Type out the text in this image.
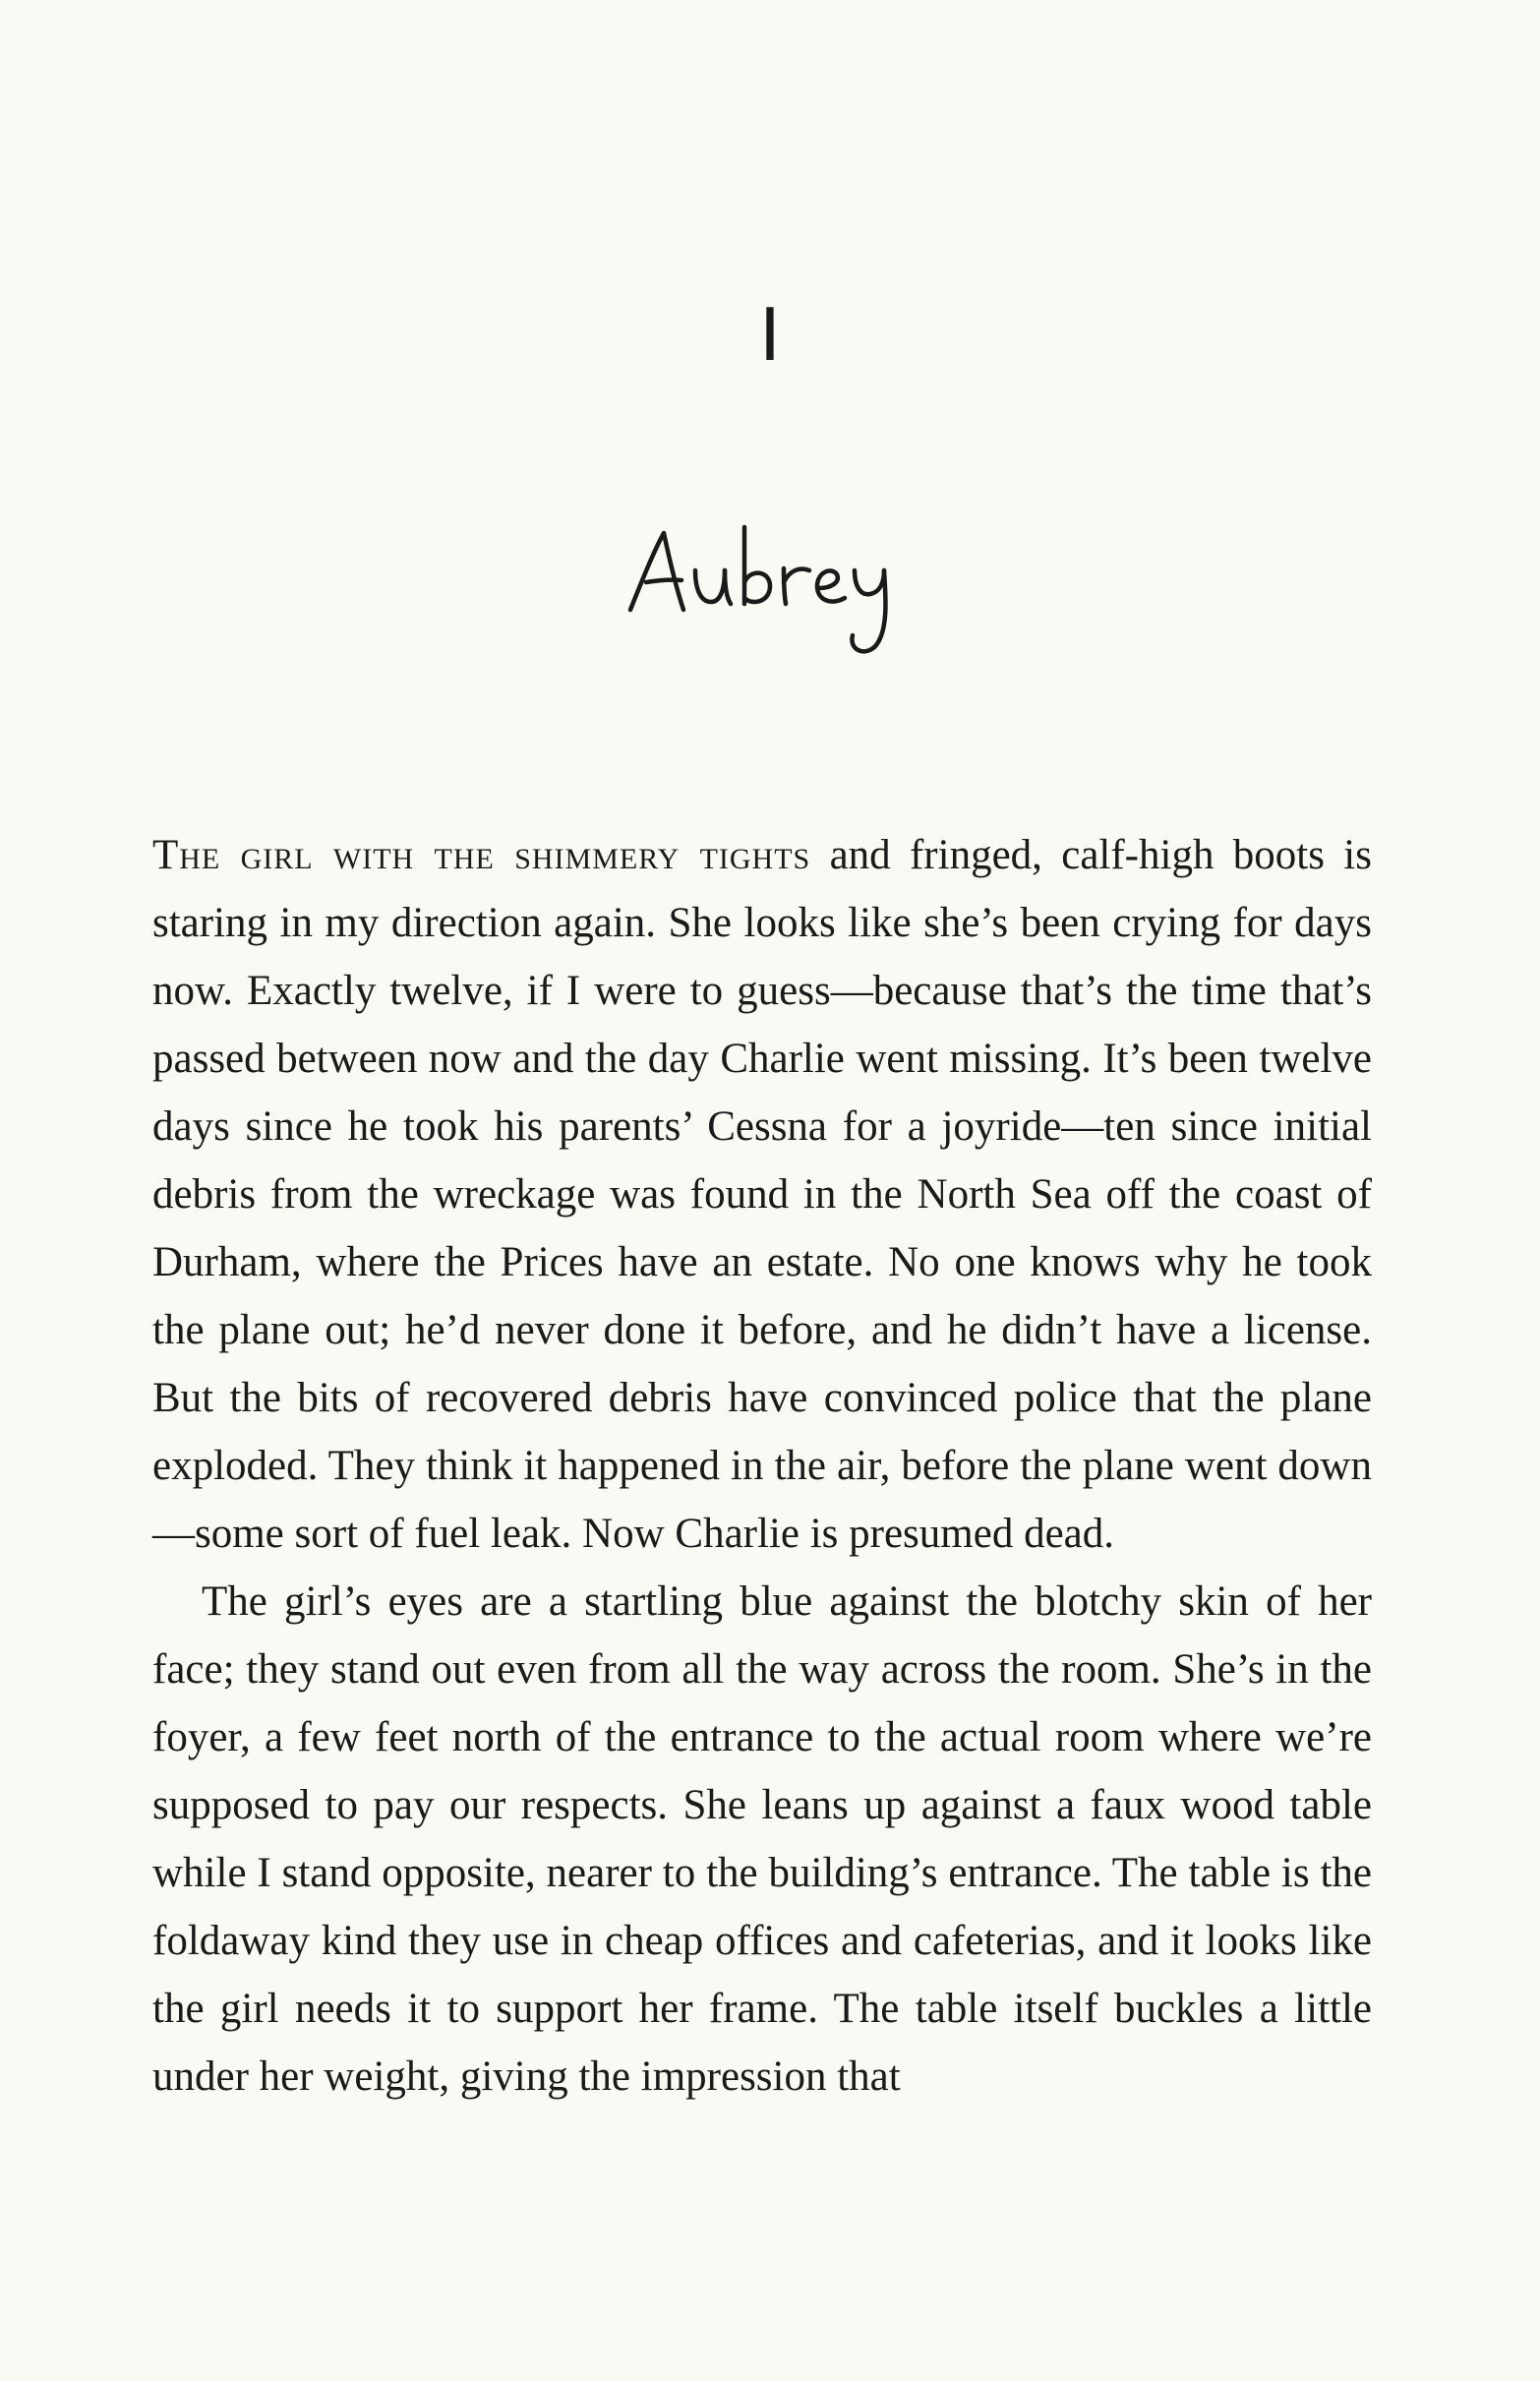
I

The girl with the shimmery tights and fringed, calf-high boots is staring in my direction again. She looks like she’s been crying for days now. Exactly twelve, if I were to guess—because that’s the time that’s passed between now and the day Charlie went missing. It’s been twelve days since he took his parents’ Cessna for a joyride—ten since initial debris from the wreckage was found in the North Sea off the coast of Durham, where the Prices have an estate. No one knows why he took the plane out; he’d never done it before, and he didn’t have a license. But the bits of recovered debris have convinced police that the plane exploded. They think it happened in the air, before the plane went down—some sort of fuel leak. Now Charlie is presumed dead.

The girl’s eyes are a startling blue against the blotchy skin of her face; they stand out even from all the way across the room. She’s in the foyer, a few feet north of the entrance to the actual room where we’re supposed to pay our respects. She leans up against a faux wood table while I stand opposite, nearer to the building’s entrance. The table is the foldaway kind they use in cheap offices and cafeterias, and it looks like the girl needs it to support her frame. The table itself buckles a little under her weight, giving the impression that
